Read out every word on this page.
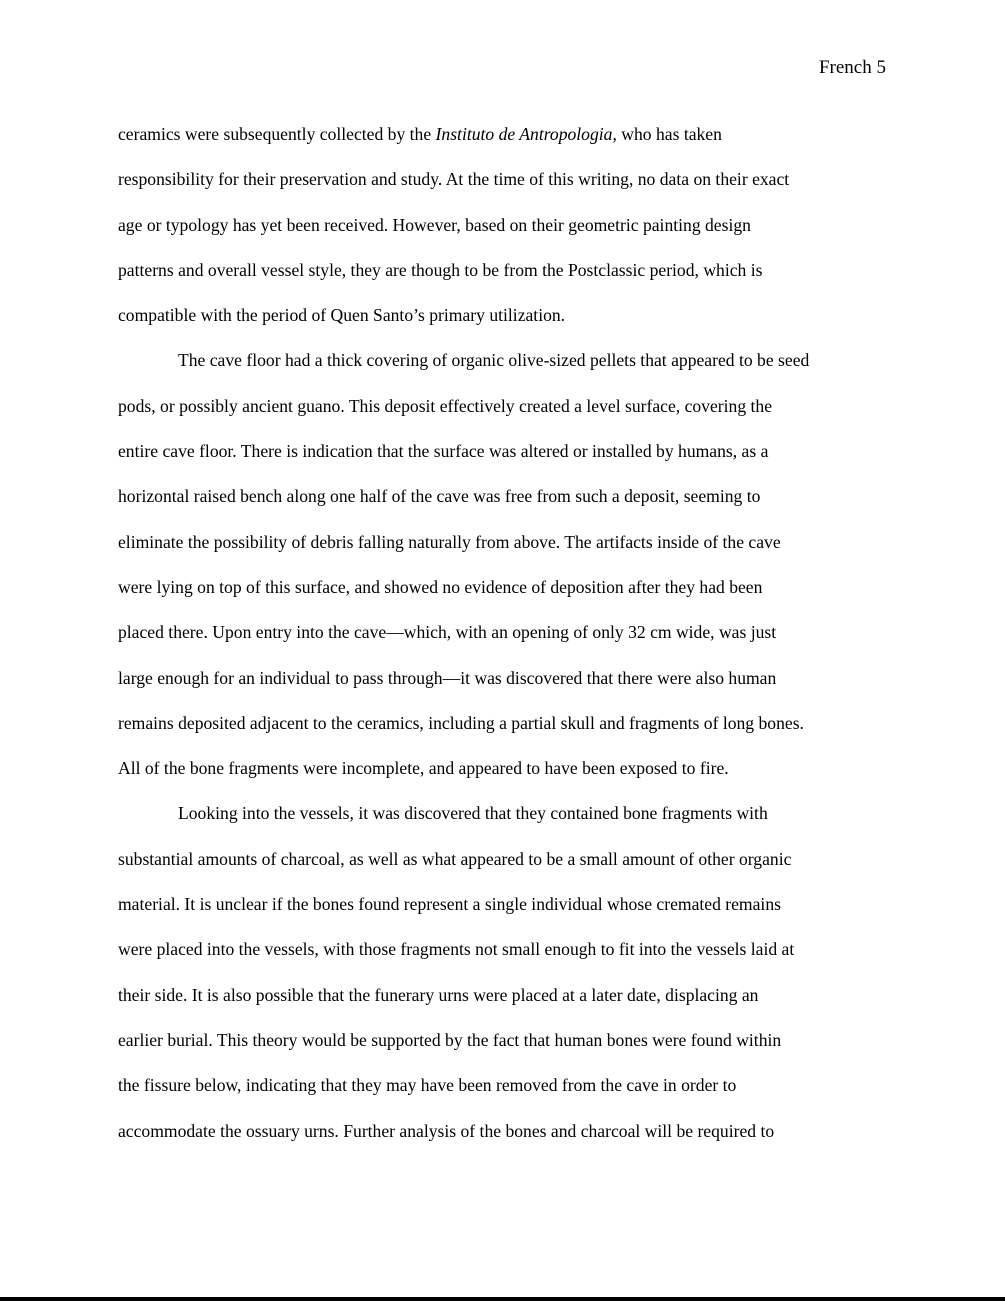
French 5
ceramics were subsequently collected by the Instituto de Antropologia, who has taken
responsibility for their preservation and study. At the time of this writing, no data on their exact
age or typology has yet been received. However, based on their geometric painting design
patterns and overall vessel style, they are though to be from the Postclassic period, which is
compatible with the period of Quen Santo’s primary utilization.
The cave floor had a thick covering of organic olive-sized pellets that appeared to be seed
pods, or possibly ancient guano. This deposit effectively created a level surface, covering the
entire cave floor. There is indication that the surface was altered or installed by humans, as a
horizontal raised bench along one half of the cave was free from such a deposit, seeming to
eliminate the possibility of debris falling naturally from above. The artifacts inside of the cave
were lying on top of this surface, and showed no evidence of deposition after they had been
placed there. Upon entry into the cave—which, with an opening of only 32 cm wide, was just
large enough for an individual to pass through—it was discovered that there were also human
remains deposited adjacent to the ceramics, including a partial skull and fragments of long bones.
All of the bone fragments were incomplete, and appeared to have been exposed to fire.
Looking into the vessels, it was discovered that they contained bone fragments with
substantial amounts of charcoal, as well as what appeared to be a small amount of other organic
material. It is unclear if the bones found represent a single individual whose cremated remains
were placed into the vessels, with those fragments not small enough to fit into the vessels laid at
their side. It is also possible that the funerary urns were placed at a later date, displacing an
earlier burial. This theory would be supported by the fact that human bones were found within
the fissure below, indicating that they may have been removed from the cave in order to
accommodate the ossuary urns. Further analysis of the bones and charcoal will be required to
